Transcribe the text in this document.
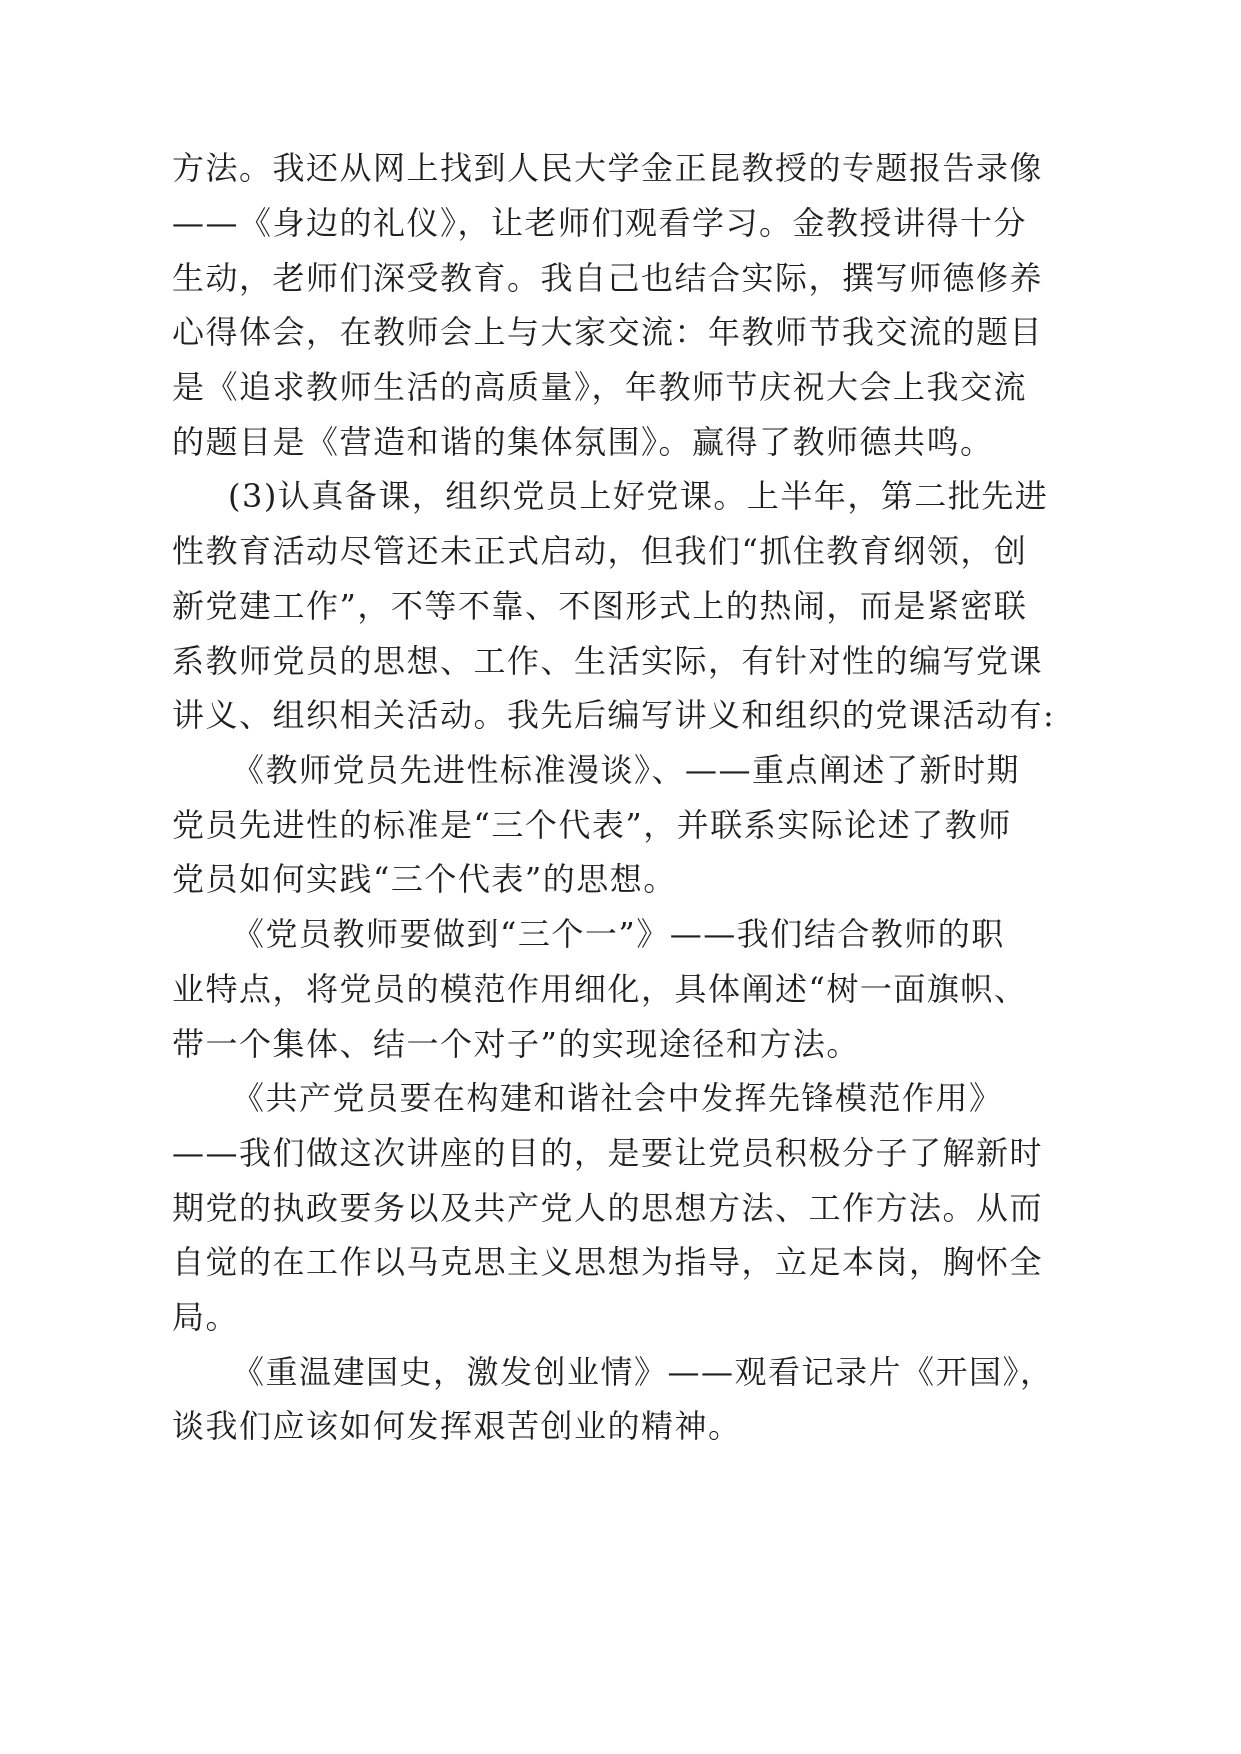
方法。我还从网上找到人民大学金正昆教授的专题报告录像
——《身边的礼仪》，让老师们观看学习。金教授讲得十分
生动，老师们深受教育。我自己也结合实际，撰写师德修养
心得体会，在教师会上与大家交流：年教师节我交流的题目
是《追求教师生活的高质量》，年教师节庆祝大会上我交流
的题目是《营造和谐的集体氛围》。赢得了教师德共鸣。
(3)认真备课，组织党员上好党课。上半年，第二批先进
性教育活动尽管还未正式启动，但我们“抓住教育纲领，创
新党建工作”，不等不靠、不图形式上的热闹，而是紧密联
系教师党员的思想、工作、生活实际，有针对性的编写党课
讲义、组织相关活动。我先后编写讲义和组织的党课活动有:
《教师党员先进性标准漫谈》、——重点阐述了新时期
党员先进性的标准是“三个代表”，并联系实际论述了教师
党员如何实践“三个代表”的思想。
《党员教师要做到“三个一”》——我们结合教师的职
业特点，将党员的模范作用细化，具体阐述“树一面旗帜、
带一个集体、结一个对子”的实现途径和方法。
《共产党员要在构建和谐社会中发挥先锋模范作用》
——我们做这次讲座的目的，是要让党员积极分子了解新时
期党的执政要务以及共产党人的思想方法、工作方法。从而
自觉的在工作以马克思主义思想为指导，立足本岗，胸怀全
局。
《重温建国史，激发创业情》——观看记录片《开国》，
谈我们应该如何发挥艰苦创业的精神。
